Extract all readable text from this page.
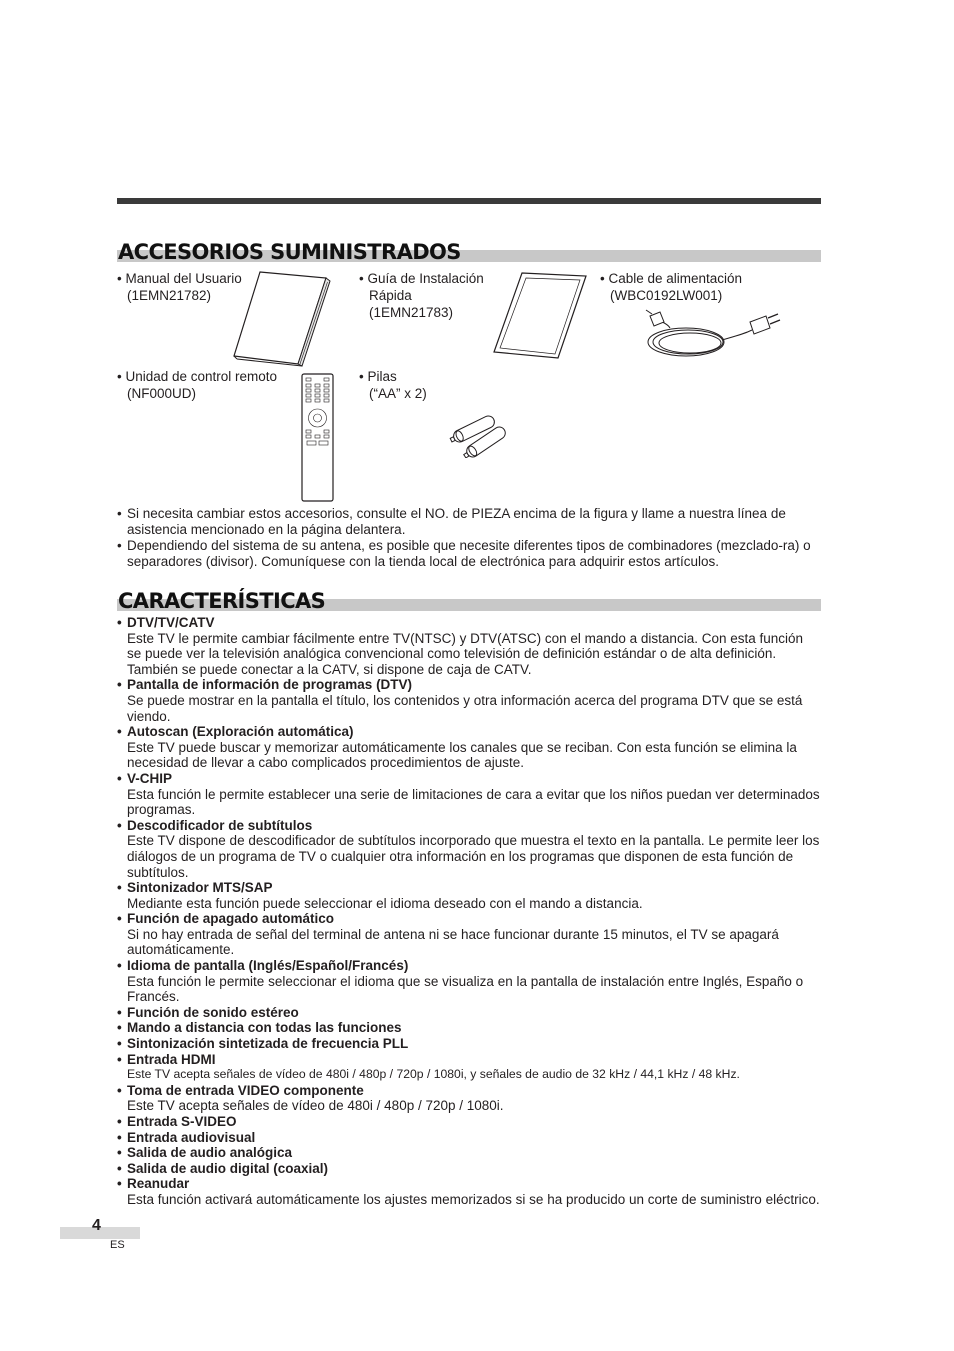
ACCESORIOS SUMINISTRADOS
• Manual del Usuario
(1EMN21782)
• Guía de Instalación
Rápida
(1EMN21783)
• Cable de alimentación
(WBC0192LW001)
• Unidad de control remoto
(NF000UD)
• Pilas
(“AA” x 2)
• Si necesita cambiar estos accesorios, consulte el NO. de PIEZA encima de la figura y llame a nuestra línea de asistencia mencionado en la página delantera.
• Dependiendo del sistema de su antena, es posible que necesite diferentes tipos de combinadores (mezclado-ra) o separadores (divisor). Comuníquese con la tienda local de electrónica para adquirir estos artículos.
CARACTERÍSTICAS
• DTV/TV/CATV
Este TV le permite cambiar fácilmente entre TV(NTSC) y DTV(ATSC) con el mando a distancia. Con esta función se puede ver la televisión analógica convencional como televisión de definición estándar o de alta definición. También se puede conectar a la CATV, si dispone de caja de CATV.
• Pantalla de información de programas (DTV)
Se puede mostrar en la pantalla el título, los contenidos y otra información acerca del programa DTV que se está viendo.
• Autoscan (Exploración automática)
Este TV puede buscar y memorizar automáticamente los canales que se reciban. Con esta función se elimina la necesidad de llevar a cabo complicados procedimientos de ajuste.
• V-CHIP
Esta función le permite establecer una serie de limitaciones de cara a evitar que los niños puedan ver determinados programas.
• Descodificador de subtítulos
Este TV dispone de descodificador de subtítulos incorporado que muestra el texto en la pantalla. Le permite leer los diálogos de un programa de TV o cualquier otra información en los programas que disponen de esta función de subtítulos.
• Sintonizador MTS/SAP
Mediante esta función puede seleccionar el idioma deseado con el mando a distancia.
• Función de apagado automático
Si no hay entrada de señal del terminal de antena ni se hace funcionar durante 15 minutos, el TV se apagará automáticamente.
• Idioma de pantalla (Inglés/Español/Francés)
Esta función le permite seleccionar el idioma que se visualiza en la pantalla de instalación entre Inglés, Españo o Francés.
• Función de sonido estéreo
• Mando a distancia con todas las funciones
• Sintonización sintetizada de frecuencia PLL
• Entrada HDMI
Este TV acepta señales de vídeo de 480i / 480p / 720p / 1080i, y señales de audio de 32 kHz / 44,1 kHz / 48 kHz.
• Toma de entrada VIDEO componente
Este TV acepta señales de vídeo de 480i / 480p / 720p / 1080i.
• Entrada S-VIDEO
• Entrada audiovisual
• Salida de audio analógica
• Salida de audio digital (coaxial)
• Reanudar
Esta función activará automáticamente los ajustes memorizados si se ha producido un corte de suministro eléctrico.
4
ES
